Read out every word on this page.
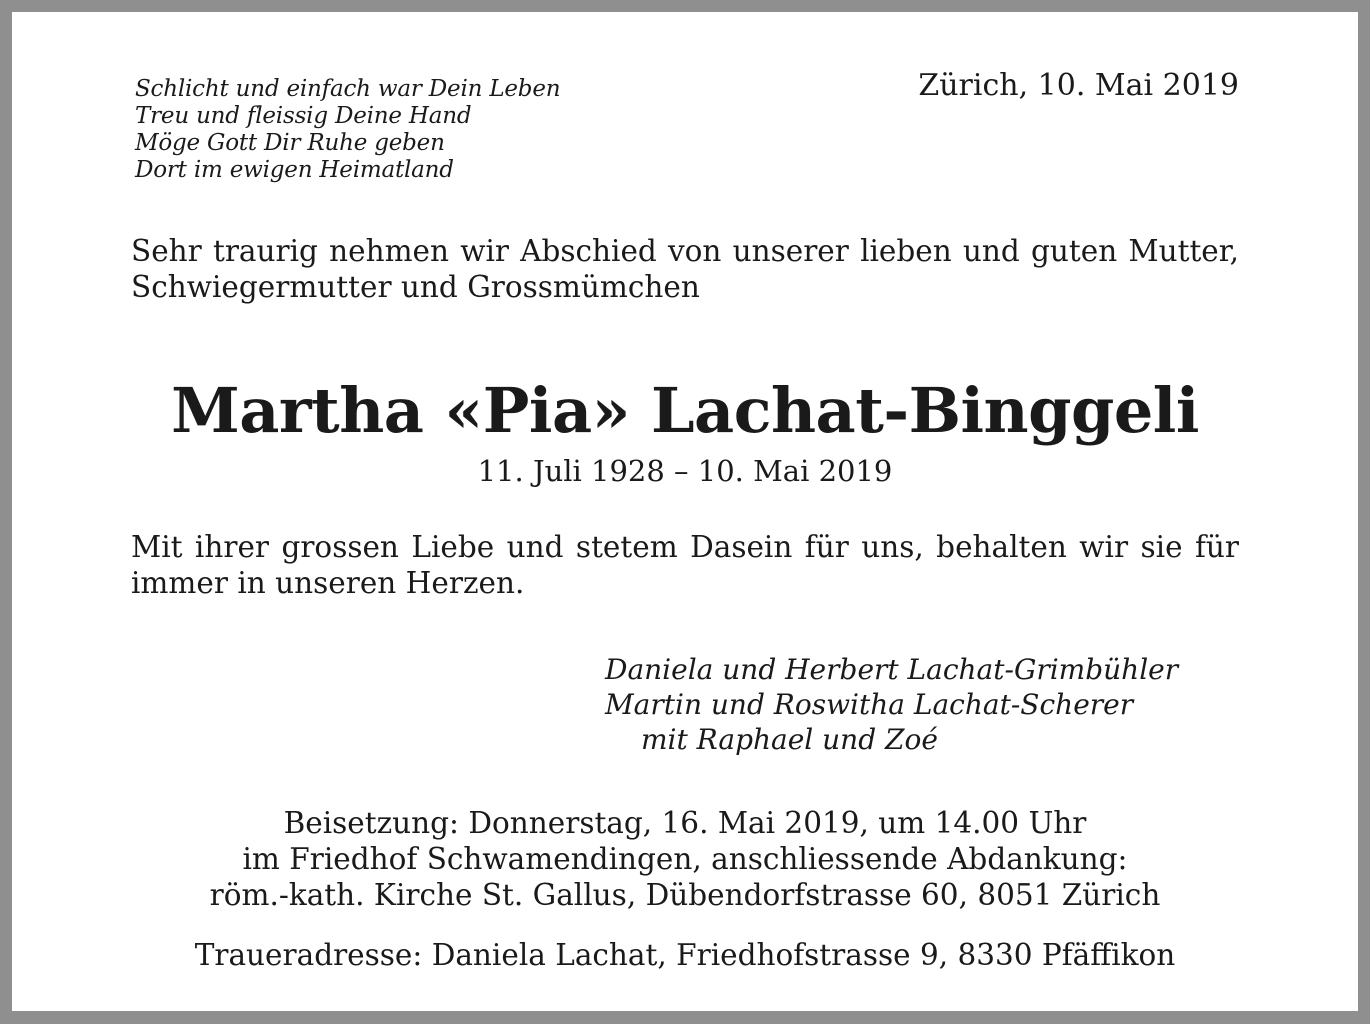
Schlicht und einfach war Dein Leben
Treu und fleissig Deine Hand
Möge Gott Dir Ruhe geben
Dort im ewigen Heimatland
Zürich, 10. Mai 2019
Sehr traurig nehmen wir Abschied von unserer lieben und guten Mutter, Schwiegermutter und Grossmümchen
Martha «Pia» Lachat-Binggeli
11. Juli 1928 – 10. Mai 2019
Mit ihrer grossen Liebe und stetem Dasein für uns, behalten wir sie für immer in unseren Herzen.
Daniela und Herbert Lachat-Grimbühler
Martin und Roswitha Lachat-Scherer
mit Raphael und Zoé
Beisetzung: Donnerstag, 16. Mai 2019, um 14.00 Uhr
im Friedhof Schwamendingen, anschliessende Abdankung:
röm.-kath. Kirche St. Gallus, Dübendorfstrasse 60, 8051 Zürich
Traueradresse: Daniela Lachat, Friedhofstrasse 9, 8330 Pfäffikon
